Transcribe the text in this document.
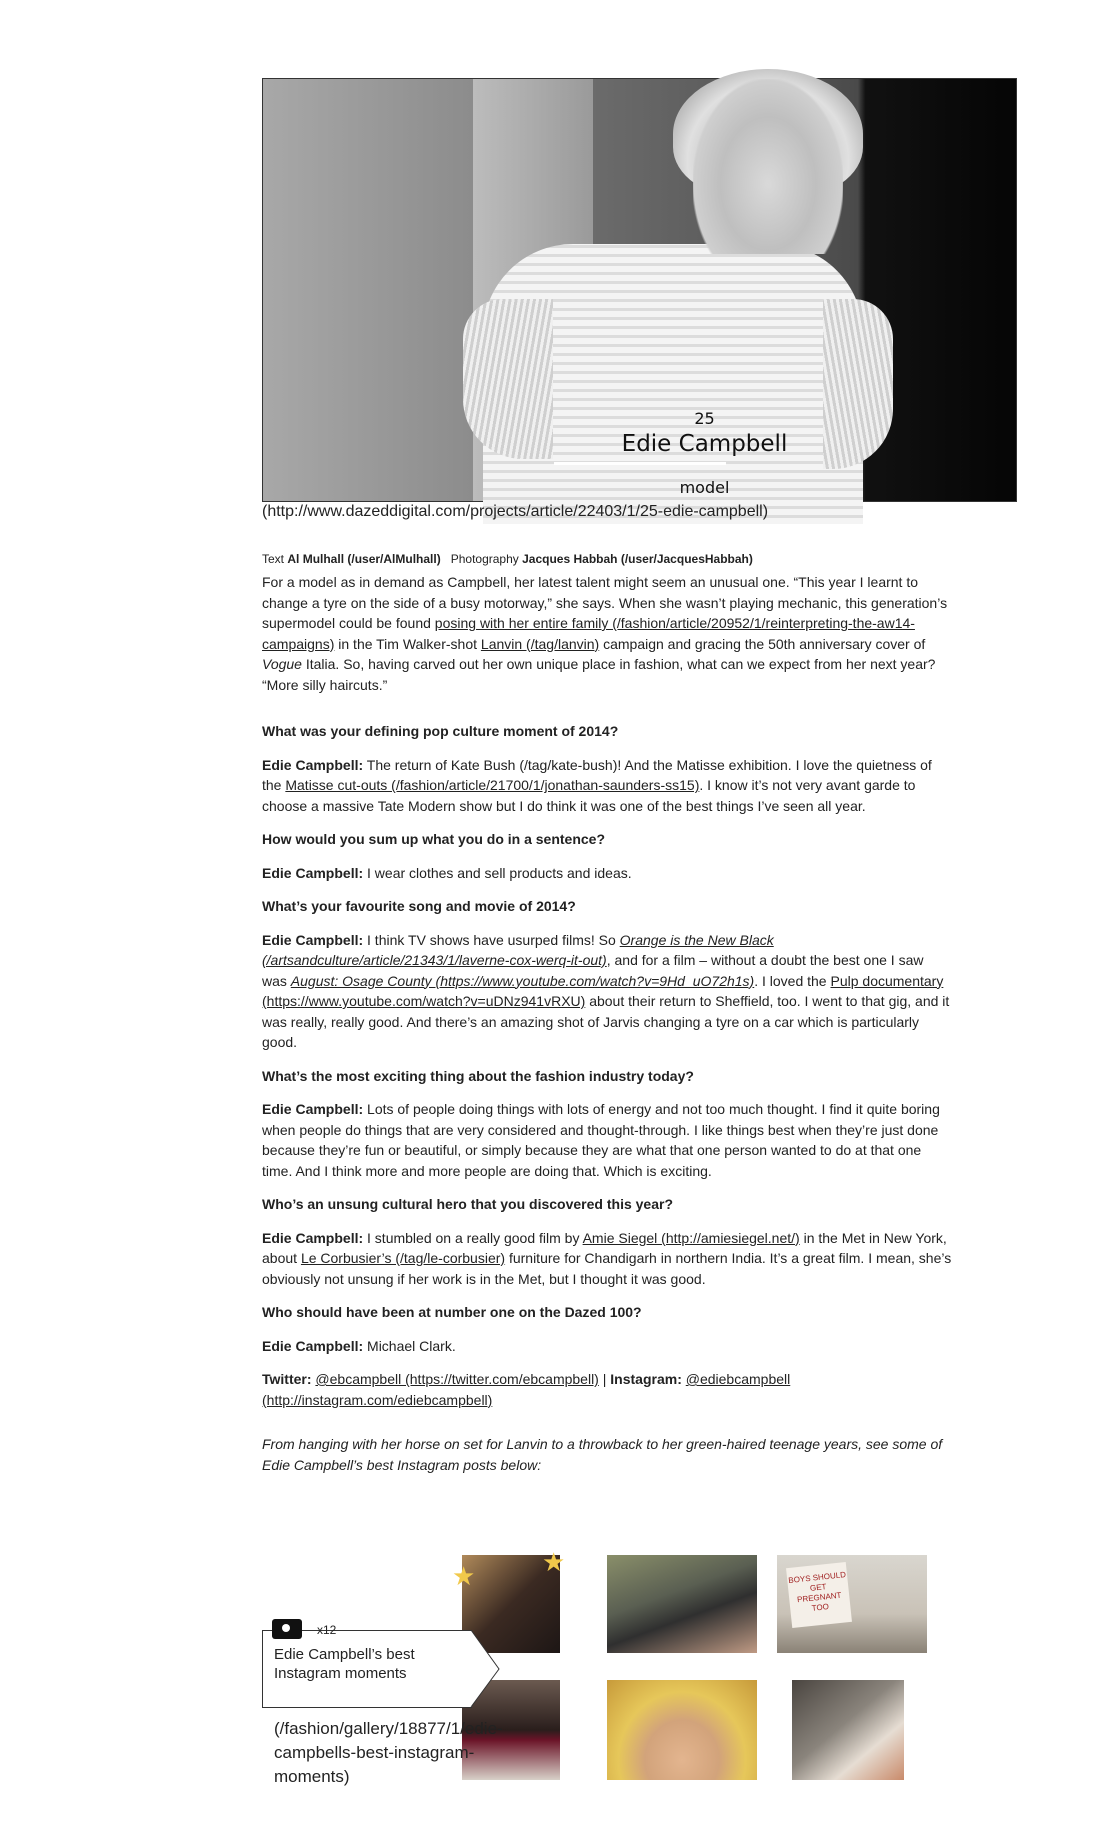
25
Edie Campbell
model
(http://www.dazeddigital.com/projects/article/22403/1/25-edie-campbell)
Text Al Mulhall (/user/AlMulhall) Photography Jacques Habbah (/user/JacquesHabbah)

For a model as in demand as Campbell, her latest talent might seem an unusual one. “This year I learnt to change a tyre on the side of a busy motorway,” she says. When she wasn’t playing mechanic, this generation’s supermodel could be found posing with her entire family (/fashion/article/20952/1/reinterpreting-the-aw14-campaigns) in the Tim Walker-shot Lanvin (/tag/lanvin) campaign and gracing the 50th anniversary cover of Vogue Italia. So, having carved out her own unique place in fashion, what can we expect from her next year? “More silly haircuts.”

What was your defining pop culture moment of 2014?

Edie Campbell: The return of Kate Bush (/tag/kate-bush)! And the Matisse exhibition. I love the quietness of the Matisse cut-outs (/fashion/article/21700/1/jonathan-saunders-ss15). I know it’s not very avant garde to choose a massive Tate Modern show but I do think it was one of the best things I’ve seen all year.

How would you sum up what you do in a sentence?

Edie Campbell: I wear clothes and sell products and ideas.

What’s your favourite song and movie of 2014?

Edie Campbell: I think TV shows have usurped films! So Orange is the New Black (/artsandculture/article/21343/1/laverne-cox-werq-it-out), and for a film – without a doubt the best one I saw was August: Osage County (https://www.youtube.com/watch?v=9Hd_uO72h1s). I loved the Pulp documentary (https://www.youtube.com/watch?v=uDNz941vRXU) about their return to Sheffield, too. I went to that gig, and it was really, really good. And there’s an amazing shot of Jarvis changing a tyre on a car which is particularly good.

What’s the most exciting thing about the fashion industry today?

Edie Campbell: Lots of people doing things with lots of energy and not too much thought. I find it quite boring when people do things that are very considered and thought-through. I like things best when they’re just done because they’re fun or beautiful, or simply because they are what that one person wanted to do at that one time. And I think more and more people are doing that. Which is exciting.

Who’s an unsung cultural hero that you discovered this year?

Edie Campbell: I stumbled on a really good film by Amie Siegel (http://amiesiegel.net/) in the Met in New York, about Le Corbusier’s (/tag/le-corbusier) furniture for Chandigarh in northern India. It’s a great film. I mean, she’s obviously not unsung if her work is in the Met, but I thought it was good.

Who should have been at number one on the Dazed 100?

Edie Campbell: Michael Clark.

Twitter: @ebcampbell (https://twitter.com/ebcampbell) | Instagram: @ediebcampbell (http://instagram.com/ediebcampbell)

From hanging with her horse on set for Lanvin to a throwback to her green-haired teenage years, see some of Edie Campbell’s best Instagram posts below:

★	★
BOYS SHOULD GET PREGNANT TOO
x12
Edie Campbell’s best Instagram moments
(/fashion/gallery/18877/1/edie-campbells-best-instagram-moments)
